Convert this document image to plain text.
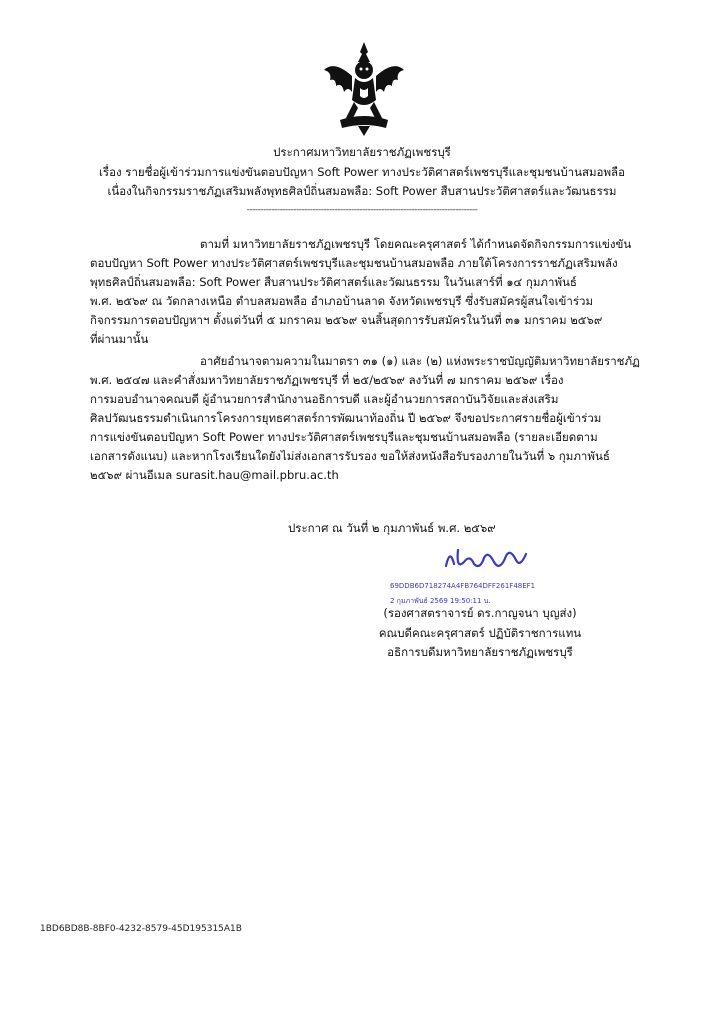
ประกาศมหาวิทยาลัยราชภัฏเพชรบุรี
เรื่อง รายชื่อผู้เข้าร่วมการแข่งขันตอบปัญหา Soft Power ทางประวัติศาสตร์เพชรบุรีและชุมชนบ้านสมอพลือ
เนื่องในกิจกรรมราชภัฏเสริมพลังพุทธศิลป์ถิ่นสมอพลือ: Soft Power สืบสานประวัติศาสตร์และวัฒนธรรม
------------------------------------------------------------------------------------
ตามที่ มหาวิทยาลัยราชภัฏเพชรบุรี โดยคณะครุศาสตร์ ได้กำหนดจัดกิจกรรมการแข่งขัน
ตอบปัญหา Soft Power ทางประวัติศาสตร์เพชรบุรีและชุมชนบ้านสมอพลือ ภายใต้โครงการราชภัฏเสริมพลัง
พุทธศิลป์ถิ่นสมอพลือ: Soft Power สืบสานประวัติศาสตร์และวัฒนธรรม ในวันเสาร์ที่ ๑๔ กุมภาพันธ์
พ.ศ. ๒๕๖๙ ณ วัดกลางเหนือ ตำบลสมอพลือ อำเภอบ้านลาด จังหวัดเพชรบุรี ซึ่งรับสมัครผู้สนใจเข้าร่วม
กิจกรรมการตอบปัญหาฯ ตั้งแต่วันที่ ๕ มกราคม ๒๕๖๙ จนสิ้นสุดการรับสมัครในวันที่ ๓๑ มกราคม ๒๕๖๙
ที่ผ่านมานั้น
อาศัยอำนาจตามความในมาตรา ๓๑ (๑) และ (๒) แห่งพระราชบัญญัติมหาวิทยาลัยราชภัฏ
พ.ศ. ๒๕๔๗ และคำสั่งมหาวิทยาลัยราชภัฏเพชรบุรี ที่ ๒๕/๒๕๖๙ ลงวันที่ ๗ มกราคม ๒๕๖๙ เรื่อง
การมอบอำนาจคณบดี ผู้อำนวยการสำนักงานอธิการบดี และผู้อำนวยการสถาบันวิจัยและส่งเสริม
ศิลปวัฒนธรรมดำเนินการโครงการยุทธศาสตร์การพัฒนาท้องถิ่น ปี ๒๕๖๙ จึงขอประกาศรายชื่อผู้เข้าร่วม
การแข่งขันตอบปัญหา Soft Power ทางประวัติศาสตร์เพชรบุรีและชุมชนบ้านสมอพลือ (รายละเอียดตาม
เอกสารดังแนบ) และหากโรงเรียนใดยังไม่ส่งเอกสารรับรอง ขอให้ส่งหนังสือรับรองภายในวันที่ ๖ กุมภาพันธ์
๒๕๖๙ ผ่านอีเมล surasit.hau@mail.pbru.ac.th
ประกาศ ณ วันที่ ๒ กุมภาพันธ์ พ.ศ. ๒๕๖๙
69DDB6D718274A4FB764DFF261F48EF1
2 กุมภาพันธ์ 2569 19:50:11 น.
(รองศาสตราจารย์ ดร.กาญจนา บุญส่ง)
คณบดีคณะครุศาสตร์ ปฏิบัติราชการแทน
อธิการบดีมหาวิทยาลัยราชภัฏเพชรบุรี
1BD6BD8B-8BF0-4232-8579-45D195315A1B
